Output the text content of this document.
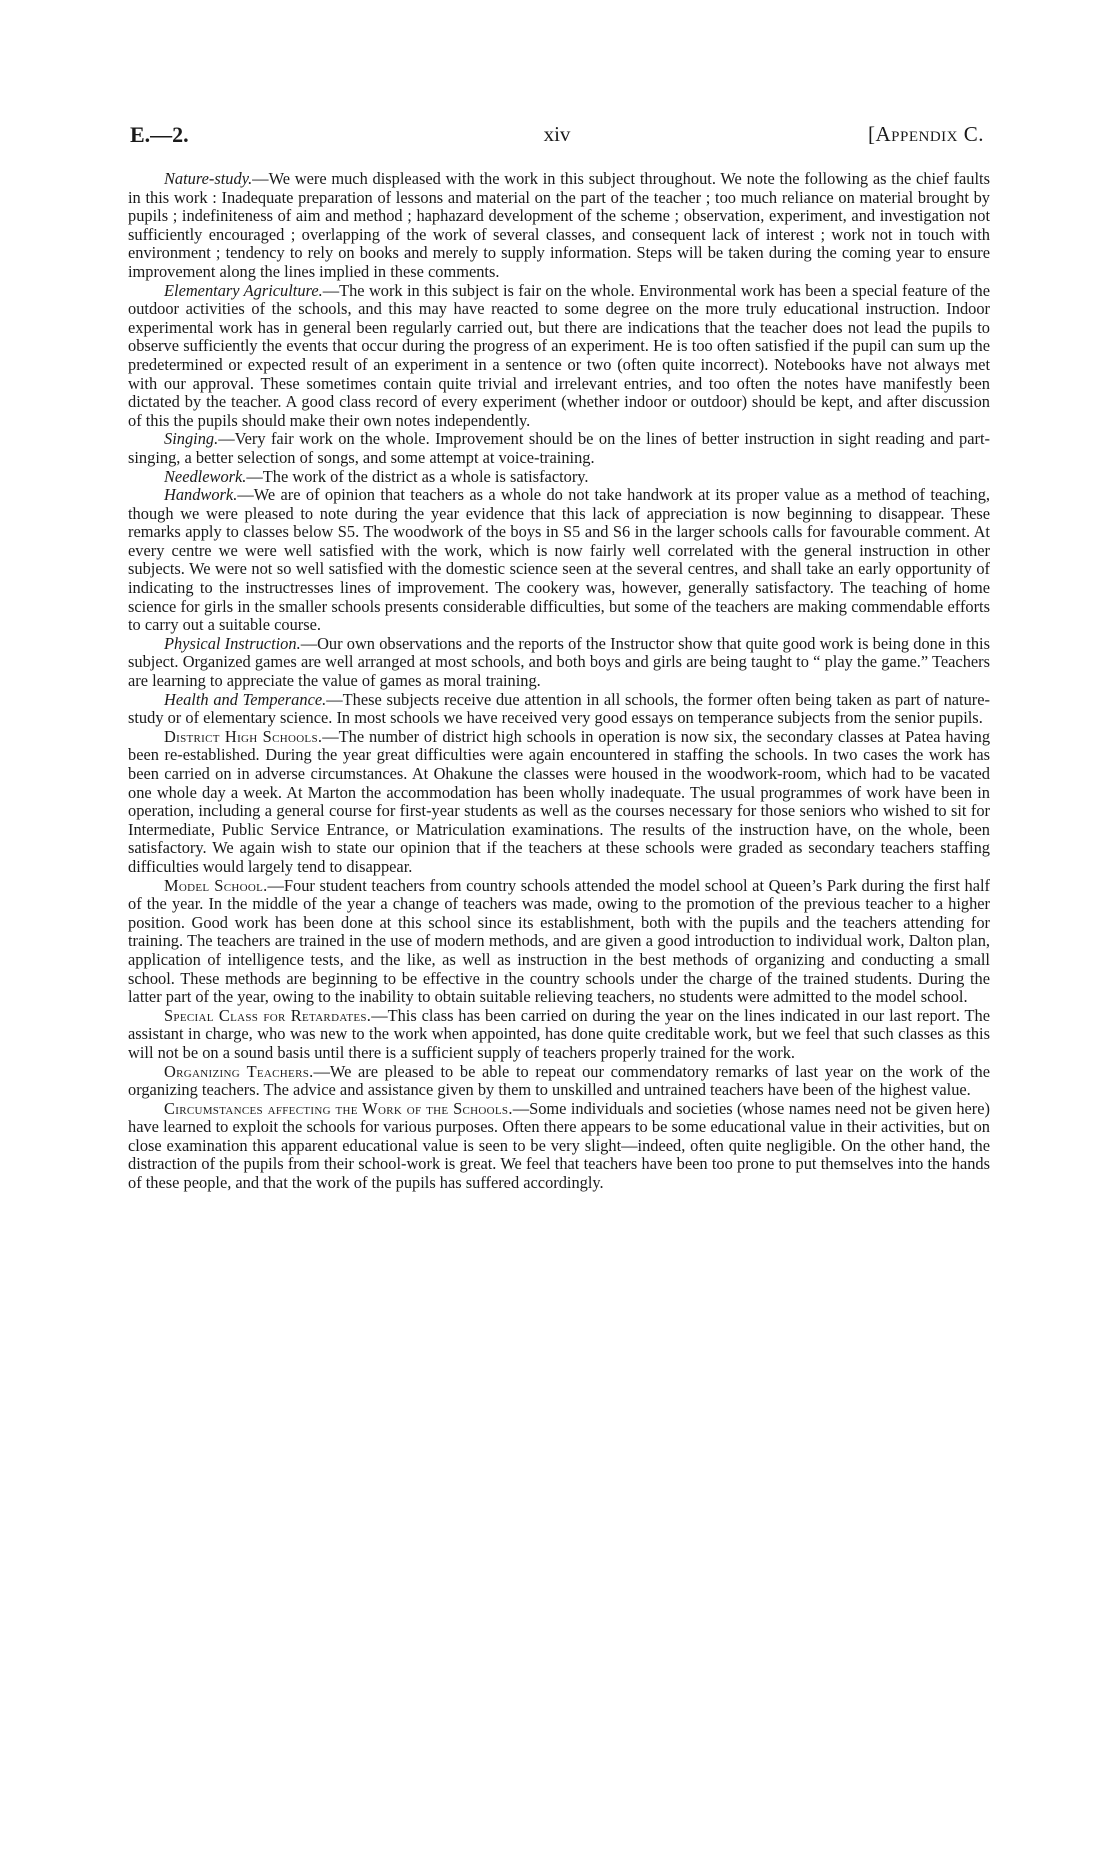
E.—2.	xiv	[Appendix C.

Nature-study.—We were much displeased with the work in this subject throughout. We note the following as the chief faults in this work : Inadequate preparation of lessons and material on the part of the teacher ; too much reliance on material brought by pupils ; indefiniteness of aim and method ; haphazard development of the scheme ; observation, experiment, and investigation not sufficiently encouraged ; overlapping of the work of several classes, and consequent lack of interest ; work not in touch with environment ; tendency to rely on books and merely to supply information. Steps will be taken during the coming year to ensure improvement along the lines implied in these comments.

Elementary Agriculture.—The work in this subject is fair on the whole. Environmental work has been a special feature of the outdoor activities of the schools, and this may have reacted to some degree on the more truly educational instruction. Indoor experimental work has in general been regularly carried out, but there are indications that the teacher does not lead the pupils to observe sufficiently the events that occur during the progress of an experiment. He is too often satisfied if the pupil can sum up the predetermined or expected result of an experiment in a sentence or two (often quite incorrect). Notebooks have not always met with our approval. These sometimes contain quite trivial and irrelevant entries, and too often the notes have manifestly been dictated by the teacher. A good class record of every experiment (whether indoor or outdoor) should be kept, and after discussion of this the pupils should make their own notes independently.

Singing.—Very fair work on the whole. Improvement should be on the lines of better instruction in sight reading and part-singing, a better selection of songs, and some attempt at voice-training.

Needlework.—The work of the district as a whole is satisfactory.

Handwork.—We are of opinion that teachers as a whole do not take handwork at its proper value as a method of teaching, though we were pleased to note during the year evidence that this lack of appreciation is now beginning to disappear. These remarks apply to classes below S5. The woodwork of the boys in S5 and S6 in the larger schools calls for favourable comment. At every centre we were well satisfied with the work, which is now fairly well correlated with the general instruction in other subjects. We were not so well satisfied with the domestic science seen at the several centres, and shall take an early opportunity of indicating to the instructresses lines of improvement. The cookery was, however, generally satisfactory. The teaching of home science for girls in the smaller schools presents considerable difficulties, but some of the teachers are making commendable efforts to carry out a suitable course.

Physical Instruction.—Our own observations and the reports of the Instructor show that quite good work is being done in this subject. Organized games are well arranged at most schools, and both boys and girls are being taught to “ play the game.” Teachers are learning to appreciate the value of games as moral training.

Health and Temperance.—These subjects receive due attention in all schools, the former often being taken as part of nature-study or of elementary science. In most schools we have received very good essays on temperance subjects from the senior pupils.

District High Schools.—The number of district high schools in operation is now six, the secondary classes at Patea having been re-established. During the year great difficulties were again encountered in staffing the schools. In two cases the work has been carried on in adverse circumstances. At Ohakune the classes were housed in the woodwork-room, which had to be vacated one whole day a week. At Marton the accommodation has been wholly inadequate. The usual programmes of work have been in operation, including a general course for first-year students as well as the courses necessary for those seniors who wished to sit for Intermediate, Public Service Entrance, or Matriculation examinations. The results of the instruction have, on the whole, been satisfactory. We again wish to state our opinion that if the teachers at these schools were graded as secondary teachers staffing difficulties would largely tend to disappear.

Model School.—Four student teachers from country schools attended the model school at Queen’s Park during the first half of the year. In the middle of the year a change of teachers was made, owing to the promotion of the previous teacher to a higher position. Good work has been done at this school since its establishment, both with the pupils and the teachers attending for training. The teachers are trained in the use of modern methods, and are given a good introduction to individual work, Dalton plan, application of intelligence tests, and the like, as well as instruction in the best methods of organizing and conducting a small school. These methods are beginning to be effective in the country schools under the charge of the trained students. During the latter part of the year, owing to the inability to obtain suitable relieving teachers, no students were admitted to the model school.

Special Class for Retardates.—This class has been carried on during the year on the lines indicated in our last report. The assistant in charge, who was new to the work when appointed, has done quite creditable work, but we feel that such classes as this will not be on a sound basis until there is a sufficient supply of teachers properly trained for the work.

Organizing Teachers.—We are pleased to be able to repeat our commendatory remarks of last year on the work of the organizing teachers. The advice and assistance given by them to unskilled and untrained teachers have been of the highest value.

Circumstances affecting the Work of the Schools.—Some individuals and societies (whose names need not be given here) have learned to exploit the schools for various purposes. Often there appears to be some educational value in their activities, but on close examination this apparent educational value is seen to be very slight—indeed, often quite negligible. On the other hand, the distraction of the pupils from their school-work is great. We feel that teachers have been too prone to put themselves into the hands of these people, and that the work of the pupils has suffered accordingly.
